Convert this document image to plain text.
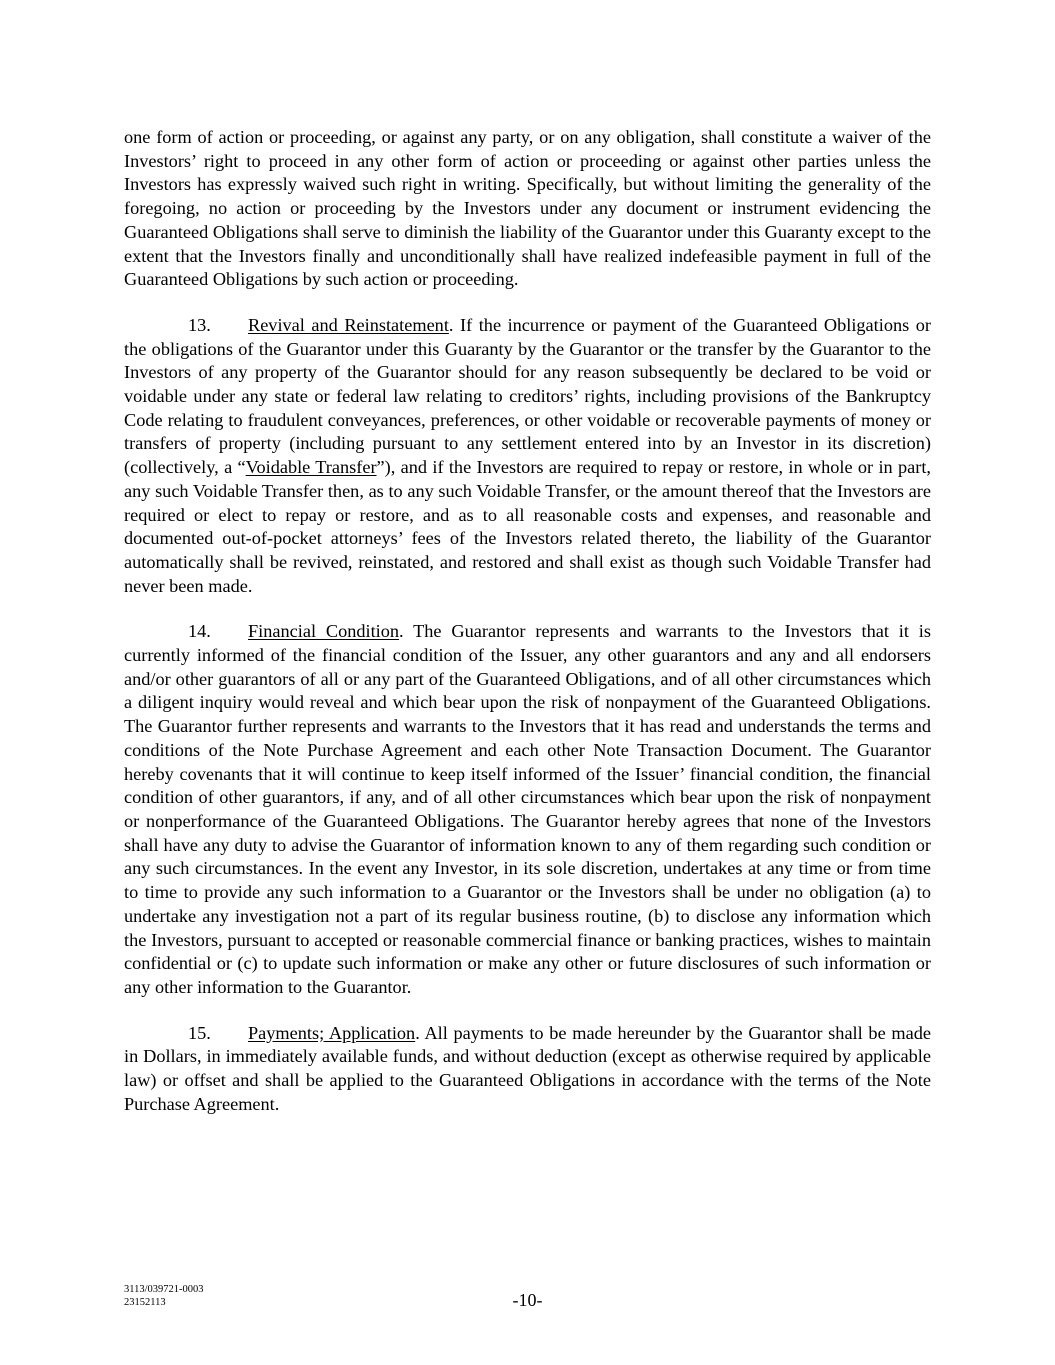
one form of action or proceeding, or against any party, or on any obligation, shall constitute a waiver of the Investors’ right to proceed in any other form of action or proceeding or against other parties unless the Investors has expressly waived such right in writing. Specifically, but without limiting the generality of the foregoing, no action or proceeding by the Investors under any document or instrument evidencing the Guaranteed Obligations shall serve to diminish the liability of the Guarantor under this Guaranty except to the extent that the Investors finally and unconditionally shall have realized indefeasible payment in full of the Guaranteed Obligations by such action or proceeding.

13. Revival and Reinstatement. If the incurrence or payment of the Guaranteed Obligations or the obligations of the Guarantor under this Guaranty by the Guarantor or the transfer by the Guarantor to the Investors of any property of the Guarantor should for any reason subsequently be declared to be void or voidable under any state or federal law relating to creditors’ rights, including provisions of the Bankruptcy Code relating to fraudulent conveyances, preferences, or other voidable or recoverable payments of money or transfers of property (including pursuant to any settlement entered into by an Investor in its discretion) (collectively, a “Voidable Transfer”), and if the Investors are required to repay or restore, in whole or in part, any such Voidable Transfer then, as to any such Voidable Transfer, or the amount thereof that the Investors are required or elect to repay or restore, and as to all reasonable costs and expenses, and reasonable and documented out-of-pocket attorneys’ fees of the Investors related thereto, the liability of the Guarantor automatically shall be revived, reinstated, and restored and shall exist as though such Voidable Transfer had never been made.

14. Financial Condition. The Guarantor represents and warrants to the Investors that it is currently informed of the financial condition of the Issuer, any other guarantors and any and all endorsers and/or other guarantors of all or any part of the Guaranteed Obligations, and of all other circumstances which a diligent inquiry would reveal and which bear upon the risk of nonpayment of the Guaranteed Obligations. The Guarantor further represents and warrants to the Investors that it has read and understands the terms and conditions of the Note Purchase Agreement and each other Note Transaction Document. The Guarantor hereby covenants that it will continue to keep itself informed of the Issuer’ financial condition, the financial condition of other guarantors, if any, and of all other circumstances which bear upon the risk of nonpayment or nonperformance of the Guaranteed Obligations. The Guarantor hereby agrees that none of the Investors shall have any duty to advise the Guarantor of information known to any of them regarding such condition or any such circumstances. In the event any Investor, in its sole discretion, undertakes at any time or from time to time to provide any such information to a Guarantor or the Investors shall be under no obligation (a) to undertake any investigation not a part of its regular business routine, (b) to disclose any information which the Investors, pursuant to accepted or reasonable commercial finance or banking practices, wishes to maintain confidential or (c) to update such information or make any other or future disclosures of such information or any other information to the Guarantor.

15. Payments; Application. All payments to be made hereunder by the Guarantor shall be made in Dollars, in immediately available funds, and without deduction (except as otherwise required by applicable law) or offset and shall be applied to the Guaranteed Obligations in accordance with the terms of the Note Purchase Agreement.

3113/039721-0003
23152113	-10-
